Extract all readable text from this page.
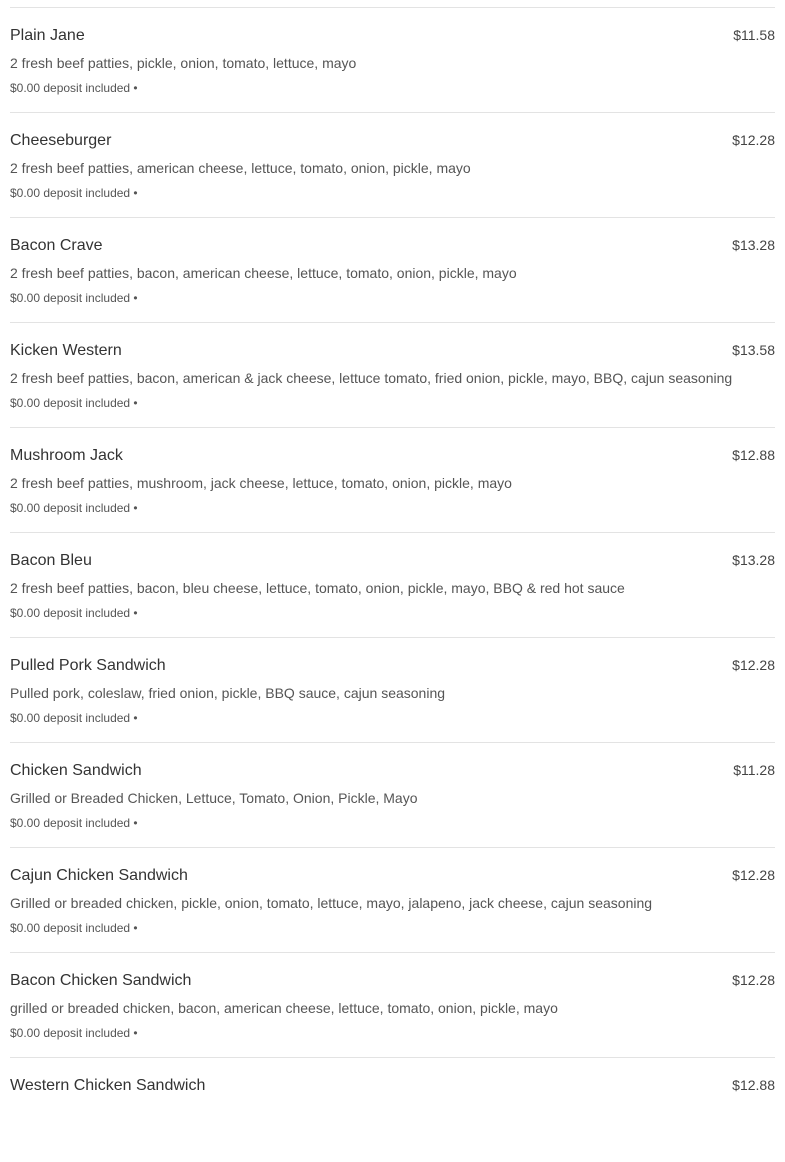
Plain Jane	$11.58
2 fresh beef patties, pickle, onion, tomato, lettuce, mayo
$0.00 deposit included •
Cheeseburger	$12.28
2 fresh beef patties, american cheese, lettuce, tomato, onion, pickle, mayo
$0.00 deposit included •
Bacon Crave	$13.28
2 fresh beef patties, bacon, american cheese, lettuce, tomato, onion, pickle, mayo
$0.00 deposit included •
Kicken Western	$13.58
2 fresh beef patties, bacon, american & jack cheese, lettuce tomato, fried onion, pickle, mayo, BBQ, cajun seasoning
$0.00 deposit included •
Mushroom Jack	$12.88
2 fresh beef patties, mushroom, jack cheese, lettuce, tomato, onion, pickle, mayo
$0.00 deposit included •
Bacon Bleu	$13.28
2 fresh beef patties, bacon, bleu cheese, lettuce, tomato, onion, pickle, mayo, BBQ & red hot sauce
$0.00 deposit included •
Pulled Pork Sandwich	$12.28
Pulled pork, coleslaw, fried onion, pickle, BBQ sauce, cajun seasoning
$0.00 deposit included •
Chicken Sandwich	$11.28
Grilled or Breaded Chicken, Lettuce, Tomato, Onion, Pickle, Mayo
$0.00 deposit included •
Cajun Chicken Sandwich	$12.28
Grilled or breaded chicken, pickle, onion, tomato, lettuce, mayo, jalapeno, jack cheese, cajun seasoning
$0.00 deposit included •
Bacon Chicken Sandwich	$12.28
grilled or breaded chicken, bacon, american cheese, lettuce, tomato, onion, pickle, mayo
$0.00 deposit included •
Western Chicken Sandwich	$12.88
